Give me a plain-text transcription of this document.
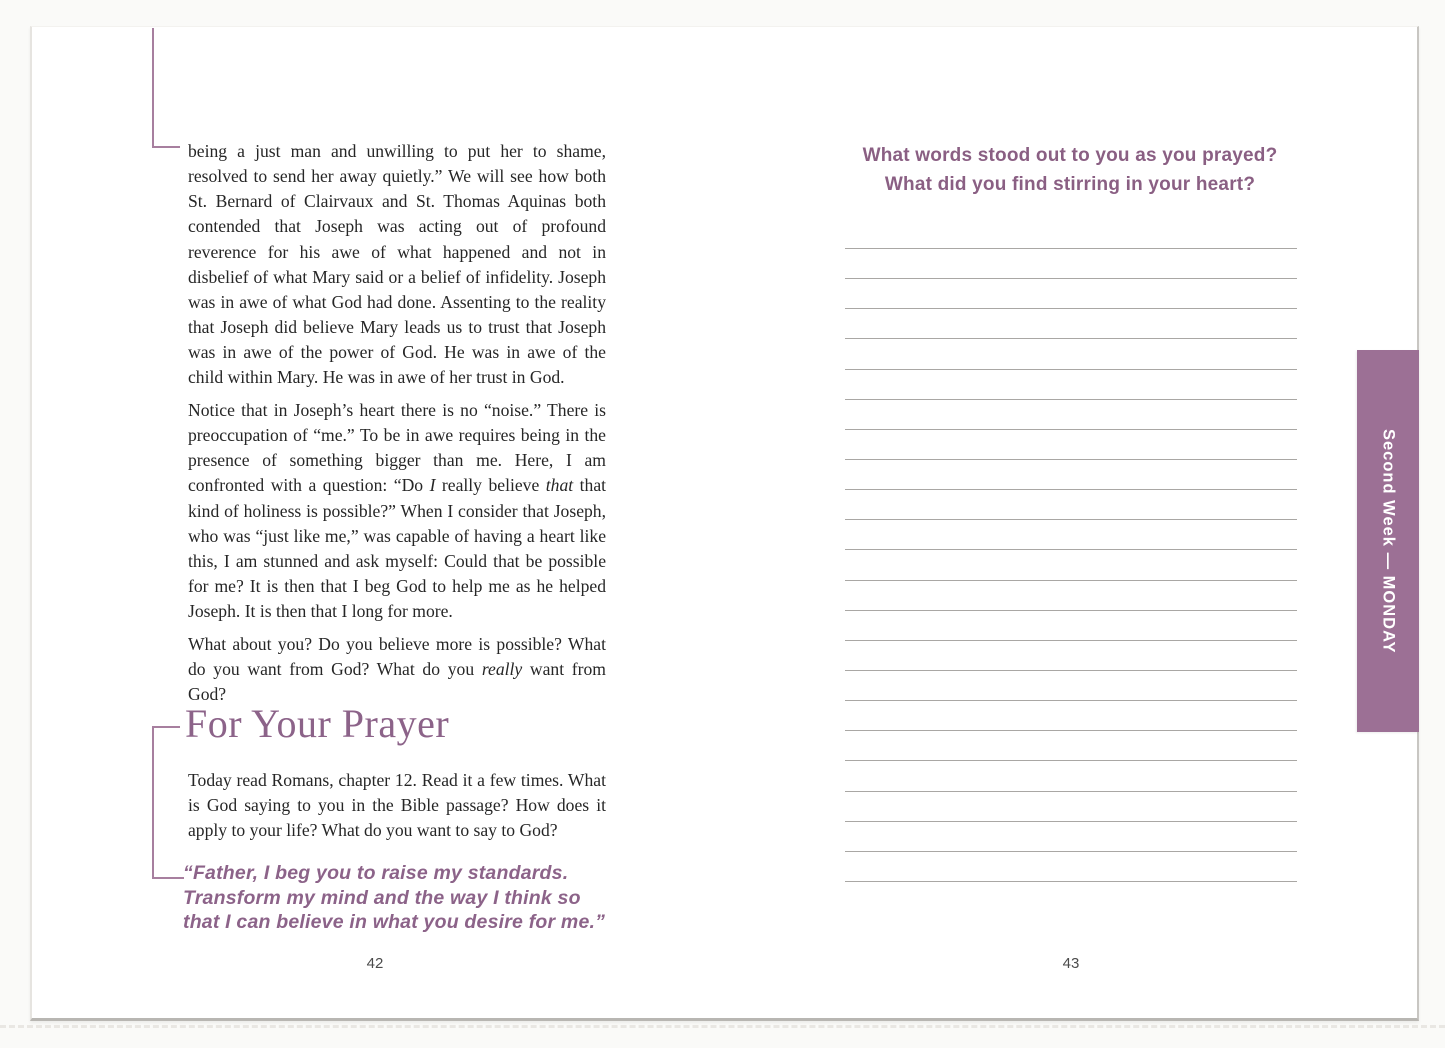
being a just man and unwilling to put her to shame, resolved to send her away quietly.” We will see how both St. Bernard of Clairvaux and St. Thomas Aquinas both contended that Joseph was acting out of profound reverence for his awe of what happened and not in disbelief of what Mary said or a belief of infidelity. Joseph was in awe of what God had done. Assenting to the reality that Joseph did believe Mary leads us to trust that Joseph was in awe of the power of God. He was in awe of the child within Mary. He was in awe of her trust in God.

Notice that in Joseph’s heart there is no “noise.” There is preoccupation of “me.” To be in awe requires being in the presence of something bigger than me. Here, I am confronted with a question: “Do I really believe that that kind of holiness is possible?” When I consider that Joseph, who was “just like me,” was capable of having a heart like this, I am stunned and ask myself: Could that be possible for me? It is then that I beg God to help me as he helped Joseph. It is then that I long for more.

What about you? Do you believe more is possible? What do you want from God? What do you really want from God?

For Your Prayer

Today read Romans, chapter 12. Read it a few times. What is God saying to you in the Bible passage? How does it apply to your life? What do you want to say to God?

“Father, I beg you to raise my standards. Transform my mind and the way I think so that I can believe in what you desire for me.”

42
What words stood out to you as you prayed?
What did you find stirring in your heart?
43
Second Week — MONDAY
